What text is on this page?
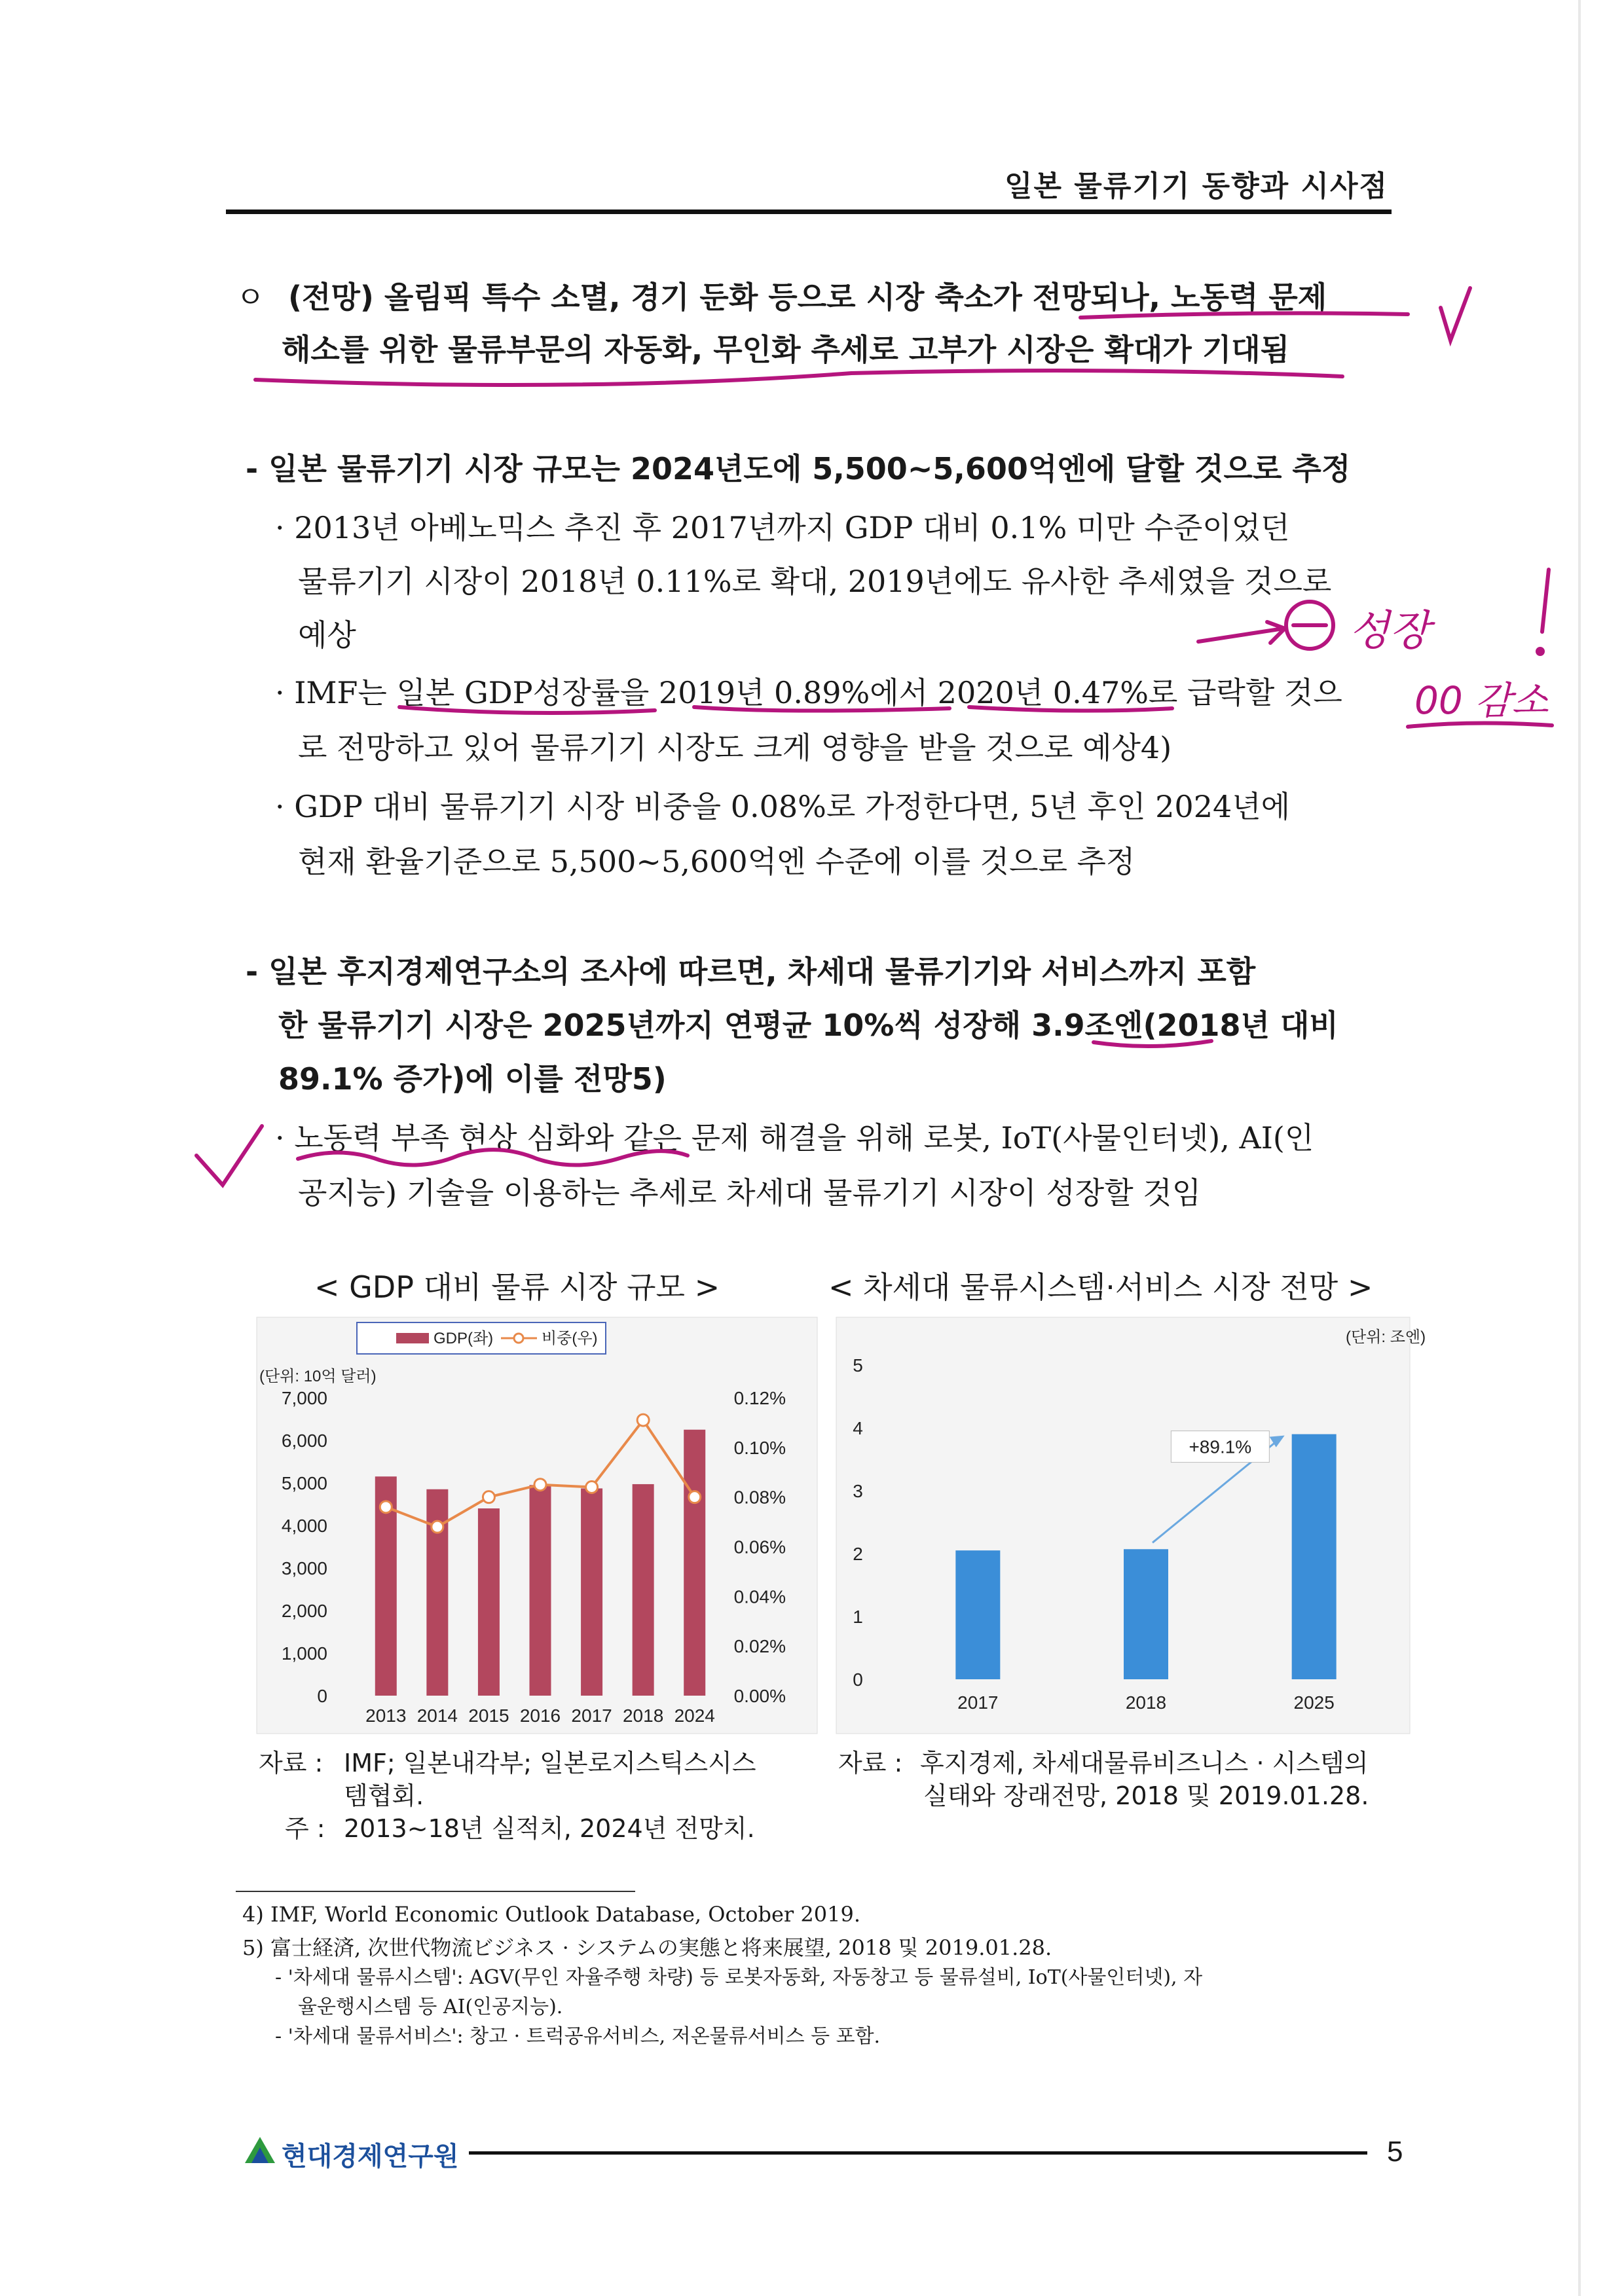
일본 물류기기 동향과 시사점
ㅇ (전망) 올림픽 특수 소멸, 경기 둔화 등으로 시장 축소가 전망되나, 노동력 문제
해소를 위한 물류부문의 자동화, 무인화 추세로 고부가 시장은 확대가 기대됨
- 일본 물류기기 시장 규모는 2024년도에 5,500~5,600억엔에 달할 것으로 추정
· 2013년 아베노믹스 추진 후 2017년까지 GDP 대비 0.1% 미만 수준이었던
물류기기 시장이 2018년 0.11%로 확대, 2019년에도 유사한 추세였을 것으로
예상
· IMF는 일본 GDP성장률을 2019년 0.89%에서 2020년 0.47%로 급락할 것으
로 전망하고 있어 물류기기 시장도 크게 영향을 받을 것으로 예상4)
· GDP 대비 물류기기 시장 비중을 0.08%로 가정한다면, 5년 후인 2024년에
현재 환율기준으로 5,500~5,600억엔 수준에 이를 것으로 추정
- 일본 후지경제연구소의 조사에 따르면, 차세대 물류기기와 서비스까지 포함
한 물류기기 시장은 2025년까지 연평균 10%씩 성장해 3.9조엔(2018년 대비
89.1% 증가)에 이를 전망5)
· 노동력 부족 현상 심화와 같은 문제 해결을 위해 로봇, IoT(사물인터넷), AI(인
공지능) 기술을 이용하는 추세로 차세대 물류기기 시장이 성장할 것임
성장
00 감소
< GDP 대비 물류 시장 규모 >	< 차세대 물류시스템·서비스 시장 전망 >
GDP(좌)	비중(우)
(단위: 10억 달러)
7,000
6,000
5,000
4,000
3,000
2,000
1,000
0
0.12%
0.10%
0.08%
0.06%
0.04%
0.02%
0.00%
2013 2014 2015 2016 2017 2018 2024
(단위: 조엔)
5
4
3
2
1
0
2017	2018	2025
+89.1%
자료 : IMF; 일본내각부; 일본로지스틱스시스
템협회.
주 : 2013~18년 실적치, 2024년 전망치.
자료 : 후지경제, 차세대물류비즈니스 · 시스템의
실태와 장래전망, 2018 및 2019.01.28.
4) IMF, World Economic Outlook Database, October 2019.
5) 富士経済, 次世代物流ビジネス · システムの実態と将来展望, 2018 및 2019.01.28.
- '차세대 물류시스템': AGV(무인 자율주행 차량) 등 로봇자동화, 자동창고 등 물류설비, IoT(사물인터넷), 자
율운행시스템 등 AI(인공지능).
- '차세대 물류서비스': 창고 · 트럭공유서비스, 저온물류서비스 등 포함.
현대경제연구원	5
